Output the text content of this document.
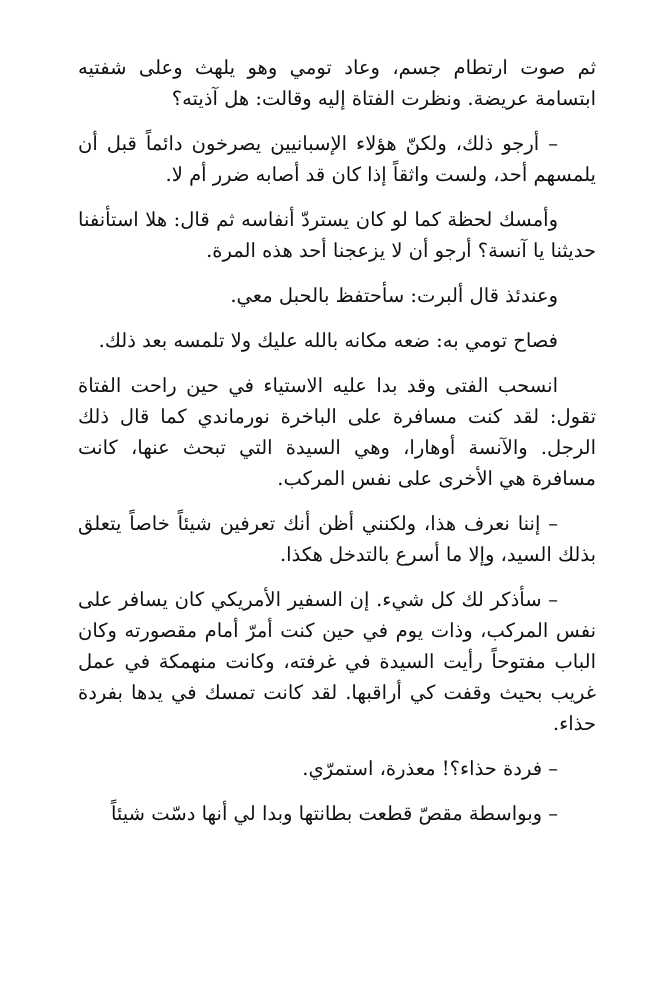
ثم صوت ارتطام جسم، وعاد تومي وهو يلهث وعلى شفتيه ابتسامة عريضة. ونظرت الفتاة إليه وقالت: هل آذيته؟

– أرجو ذلك، ولكنّ هؤلاء الإسبانيين يصرخون دائماً قبل أن يلمسهم أحد، ولست واثقاً إذا كان قد أصابه ضرر أم لا.

وأمسك لحظة كما لو كان يستردّ أنفاسه ثم قال: هلا استأنفنا حديثنا يا آنسة؟ أرجو أن لا يزعجنا أحد هذه المرة.

وعندئذ قال ألبرت: سأحتفظ بالحبل معي.

فصاح تومي به: ضعه مكانه بالله عليك ولا تلمسه بعد ذلك.

انسحب الفتى وقد بدا عليه الاستياء في حين راحت الفتاة تقول: لقد كنت مسافرة على الباخرة نورماندي كما قال ذلك الرجل. والآنسة أوهارا، وهي السيدة التي تبحث عنها، كانت مسافرة هي الأخرى على نفس المركب.

– إننا نعرف هذا، ولكنني أظن أنك تعرفين شيئاً خاصاً يتعلق بذلك السيد، وإلا ما أسرع بالتدخل هكذا.

– سأذكر لك كل شيء. إن السفير الأمريكي كان يسافر على نفس المركب، وذات يوم في حين كنت أمرّ أمام مقصورته وكان الباب مفتوحاً رأيت السيدة في غرفته، وكانت منهمكة في عمل غريب بحيث وقفت كي أراقبها. لقد كانت تمسك في يدها بفردة حذاء.

– فردة حذاء؟! معذرة، استمرّي.

– وبواسطة مقصّ قطعت بطانتها وبدا لي أنها دسّت شيئاً
